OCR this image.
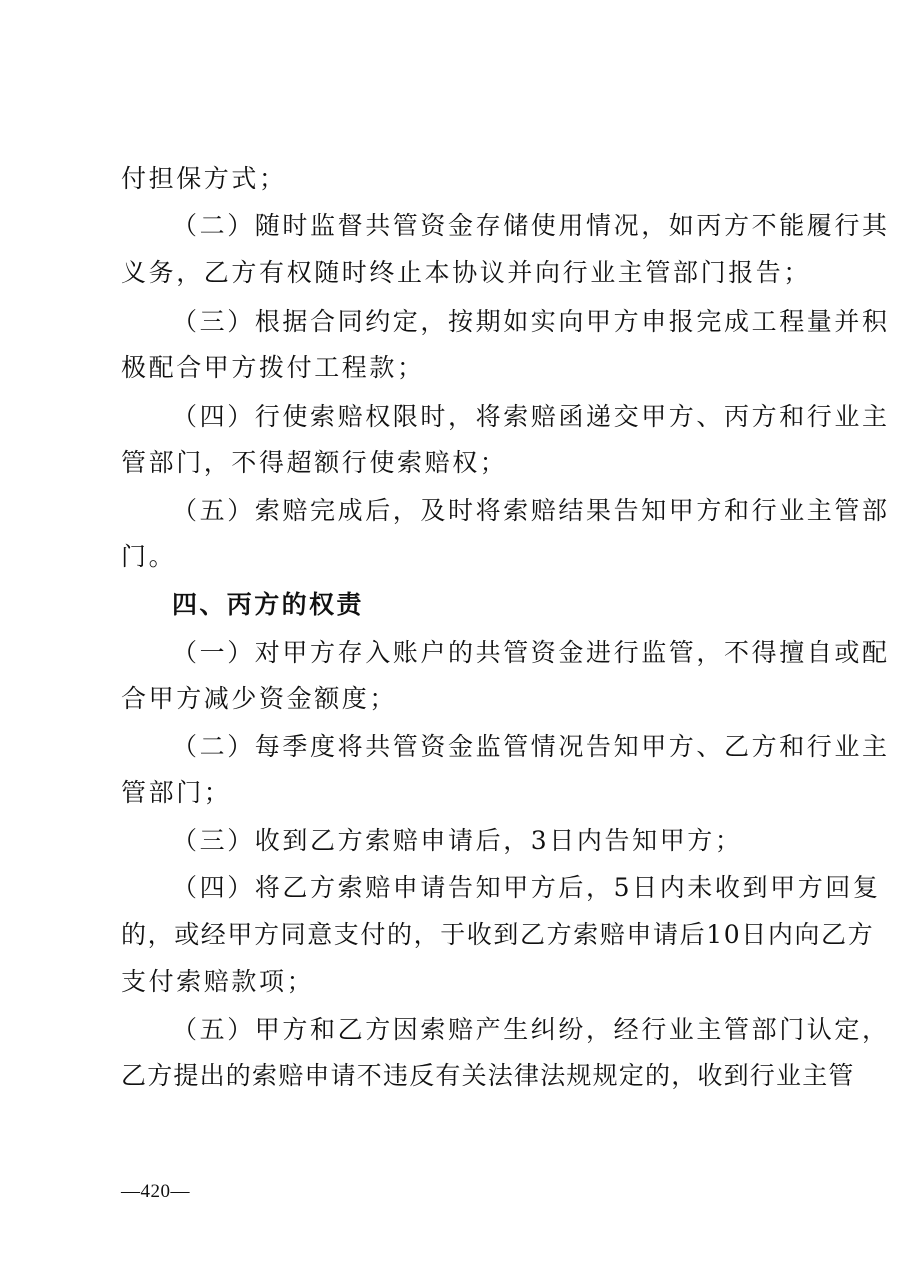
付担保方式；
（二）随时监督共管资金存储使用情况，如丙方不能履行其
义务，乙方有权随时终止本协议并向行业主管部门报告；
（三）根据合同约定，按期如实向甲方申报完成工程量并积
极配合甲方拨付工程款；
（四）行使索赔权限时，将索赔函递交甲方、丙方和行业主
管部门，不得超额行使索赔权；
（五）索赔完成后，及时将索赔结果告知甲方和行业主管部
门。
四、丙方的权责
（一）对甲方存入账户的共管资金进行监管，不得擅自或配
合甲方减少资金额度；
（二）每季度将共管资金监管情况告知甲方、乙方和行业主
管部门；
（三）收到乙方索赔申请后，3日内告知甲方；
（四）将乙方索赔申请告知甲方后，5日内未收到甲方回复
的，或经甲方同意支付的，于收到乙方索赔申请后10日内向乙方
支付索赔款项；
（五）甲方和乙方因索赔产生纠纷，经行业主管部门认定，
乙方提出的索赔申请不违反有关法律法规规定的，收到行业主管
—420—
